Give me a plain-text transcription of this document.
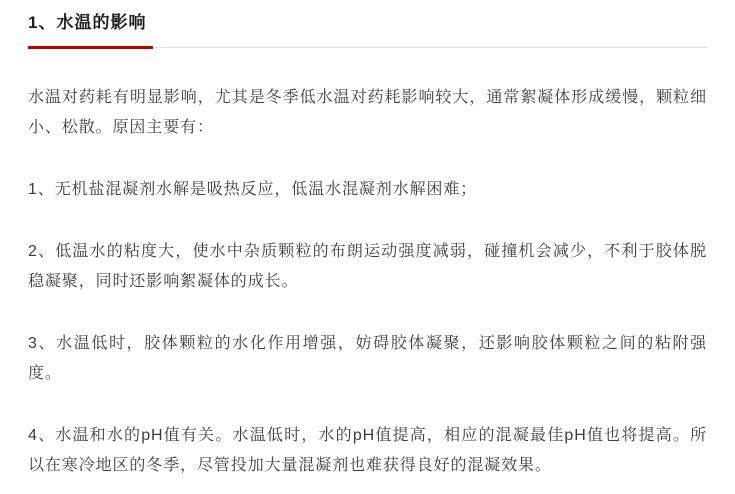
1、水温的影响

水温对药耗有明显影响，尤其是冬季低水温对药耗影响较大，通常絮凝体形成缓慢，颗粒细小、松散。原因主要有：

1、无机盐混凝剂水解是吸热反应，低温水混凝剂水解困难；

2、低温水的粘度大，使水中杂质颗粒的布朗运动强度减弱，碰撞机会减少，不利于胶体脱稳凝聚，同时还影响絮凝体的成长。

3、水温低时，胶体颗粒的水化作用增强，妨碍胶体凝聚，还影响胶体颗粒之间的粘附强度。

4、水温和水的pH值有关。水温低时，水的pH值提高，相应的混凝最佳pH值也将提高。所以在寒冷地区的冬季，尽管投加大量混凝剂也难获得良好的混凝效果。
